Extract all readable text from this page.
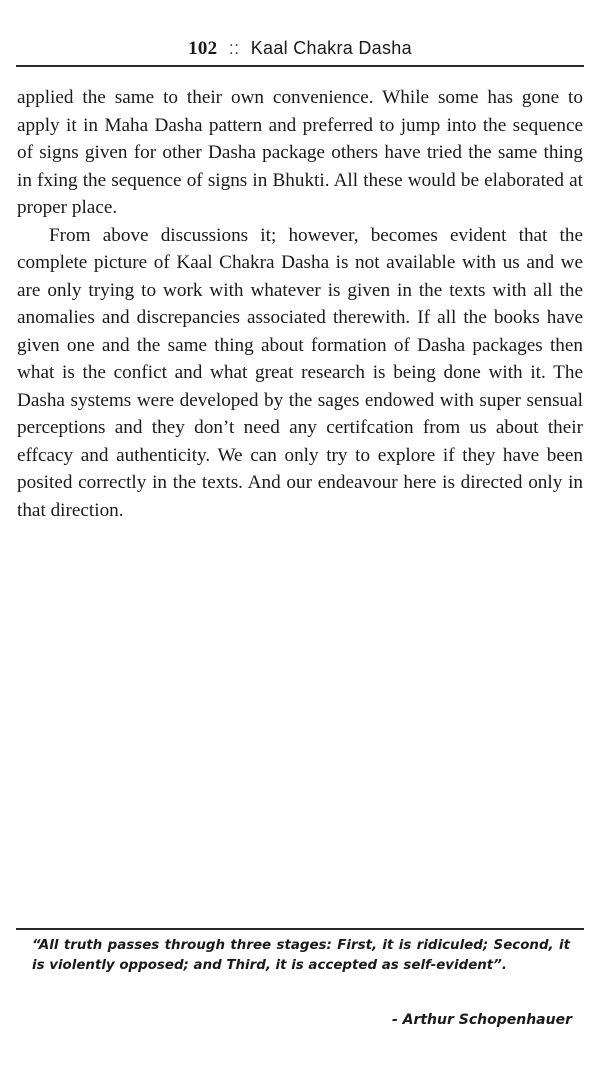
102 :: Kaal Chakra Dasha

applied the same to their own convenience. While some has gone to apply it in Maha Dasha pattern and preferred to jump into the sequence of signs given for other Dasha package others have tried the same thing in fxing the sequence of signs in Bhukti. All these would be elaborated at proper place.

From above discussions it; however, becomes evident that the complete picture of Kaal Chakra Dasha is not available with us and we are only trying to work with whatever is given in the texts with all the anomalies and discrepancies associated therewith. If all the books have given one and the same thing about formation of Dasha packages then what is the confict and what great research is being done with it. The Dasha systems were developed by the sages endowed with super sensual perceptions and they don’t need any certifcation from us about their effcacy and authenticity. We can only try to explore if they have been posited correctly in the texts. And our endeavour here is directed only in that direction.

“All truth passes through three stages: First, it is ridiculed; Second, it is violently opposed; and Third, it is accepted as self-evident”.
- Arthur Schopenhauer
